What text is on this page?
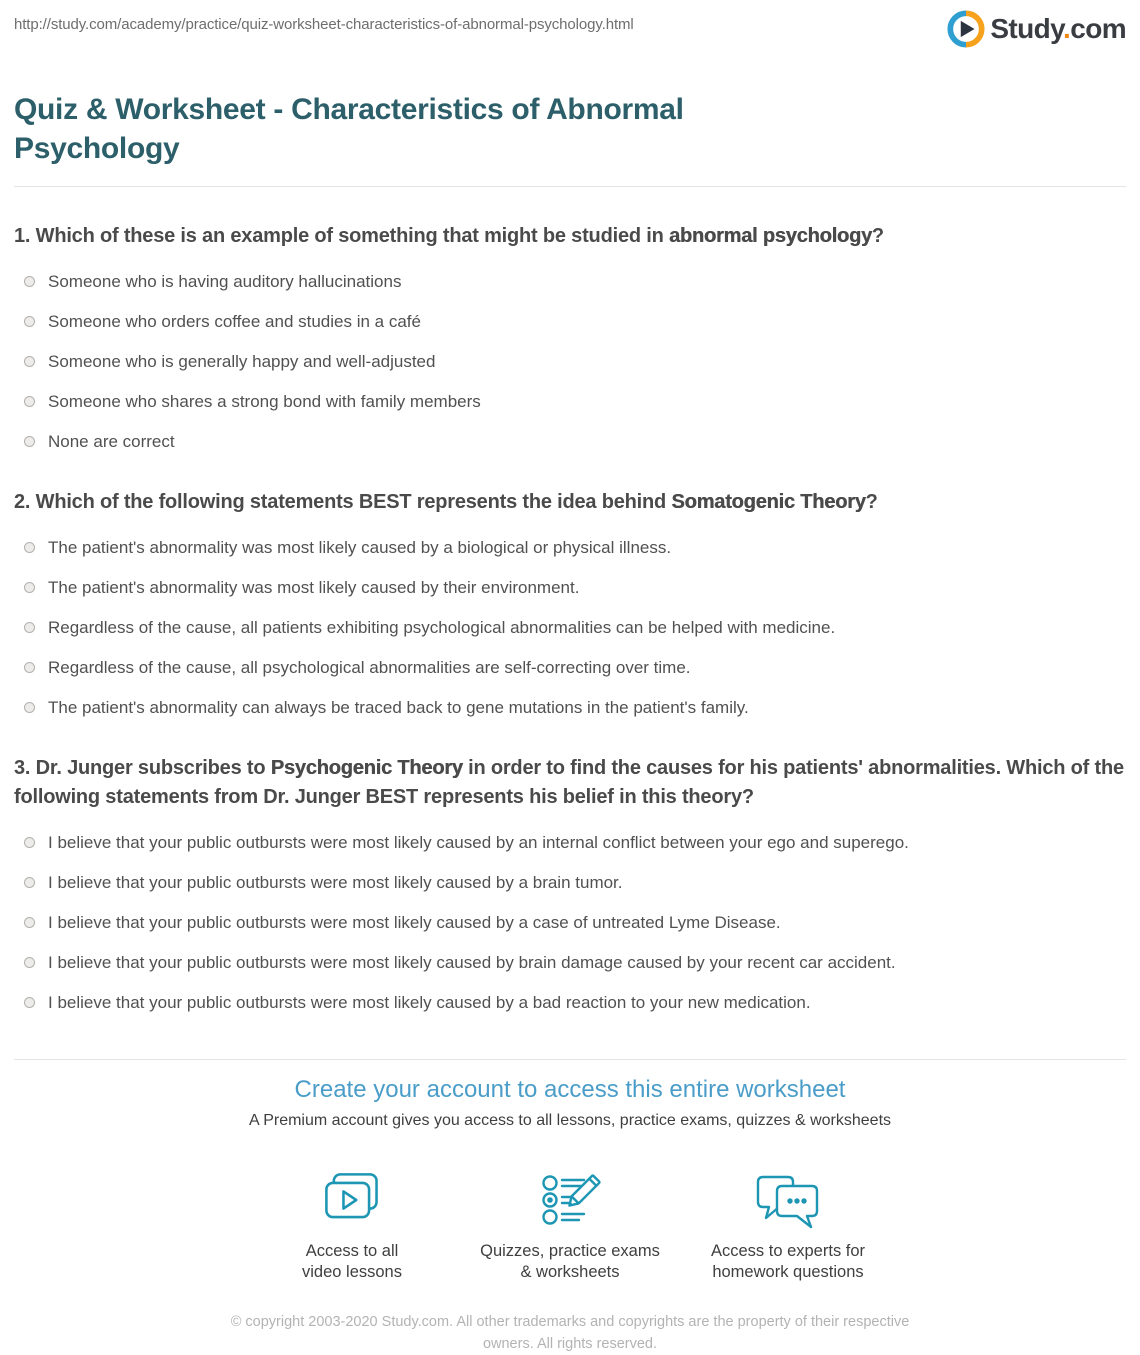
http://study.com/academy/practice/quiz-worksheet-characteristics-of-abnormal-psychology.html	Study.com
Quiz & Worksheet - Characteristics of Abnormal Psychology
1. Which of these is an example of something that might be studied in abnormal psychology?
Someone who is having auditory hallucinations
Someone who orders coffee and studies in a café
Someone who is generally happy and well-adjusted
Someone who shares a strong bond with family members
None are correct
2. Which of the following statements BEST represents the idea behind Somatogenic Theory?
The patient's abnormality was most likely caused by a biological or physical illness.
The patient's abnormality was most likely caused by their environment.
Regardless of the cause, all patients exhibiting psychological abnormalities can be helped with medicine.
Regardless of the cause, all psychological abnormalities are self-correcting over time.
The patient's abnormality can always be traced back to gene mutations in the patient's family.
3. Dr. Junger subscribes to Psychogenic Theory in order to find the causes for his patients' abnormalities. Which of the following statements from Dr. Junger BEST represents his belief in this theory?
I believe that your public outbursts were most likely caused by an internal conflict between your ego and superego.
I believe that your public outbursts were most likely caused by a brain tumor.
I believe that your public outbursts were most likely caused by a case of untreated Lyme Disease.
I believe that your public outbursts were most likely caused by brain damage caused by your recent car accident.
I believe that your public outbursts were most likely caused by a bad reaction to your new medication.
Create your account to access this entire worksheet

A Premium account gives you access to all lessons, practice exams, quizzes & worksheets

Access to all
video lessons
Quizzes, practice exams
& worksheets
Access to experts for
homework questions

© copyright 2003-2020 Study.com. All other trademarks and copyrights are the property of their respective owners. All rights reserved.
